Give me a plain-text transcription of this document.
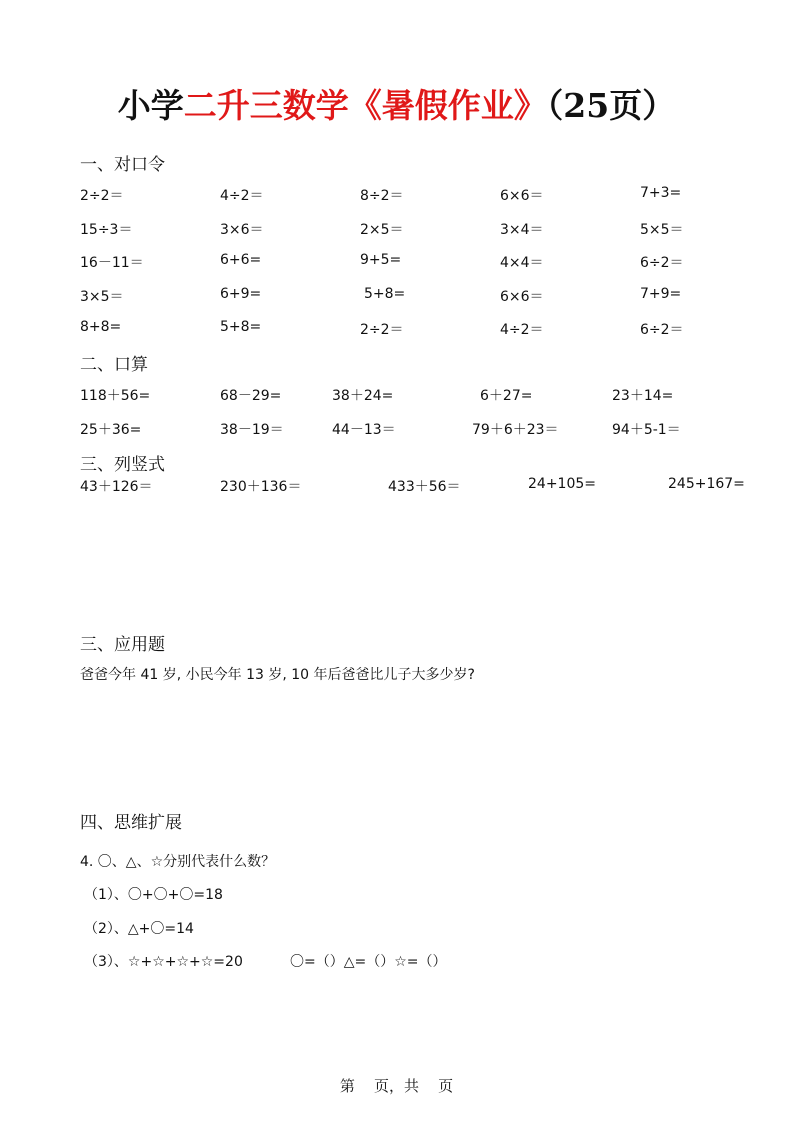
小学二升三数学《暑假作业》（25页）
一、对口令
2÷2＝	4÷2＝	8÷2＝	6×6＝	7+3=
15÷3＝	3×6＝	2×5＝	3×4＝	5×5＝
16－11＝	6+6=	9+5=	4×4＝	6÷2＝
3×5＝	6+9=	5+8=	6×6＝	7+9=
8+8=	5+8=	2÷2＝	4÷2＝	6÷2＝
二、口算
118＋56=	68－29=	38＋24=	6＋27=	23＋14=
25＋36=	38－19＝	44－13＝	79＋6＋23＝	94＋5-1＝
三、列竖式
43＋126＝	230＋136＝	433＋56＝	24+105=	245+167=
三、应用题
爸爸今年 41 岁, 小民今年 13 岁, 10 年后爸爸比儿子大多少岁?
四、思维扩展
4. 〇、△、☆分别代表什么数？
（1）、〇+〇+〇=18
（2）、△+〇=14
（3）、☆+☆+☆+☆=20	〇=（）△=（）☆=（）
第    页，共    页
